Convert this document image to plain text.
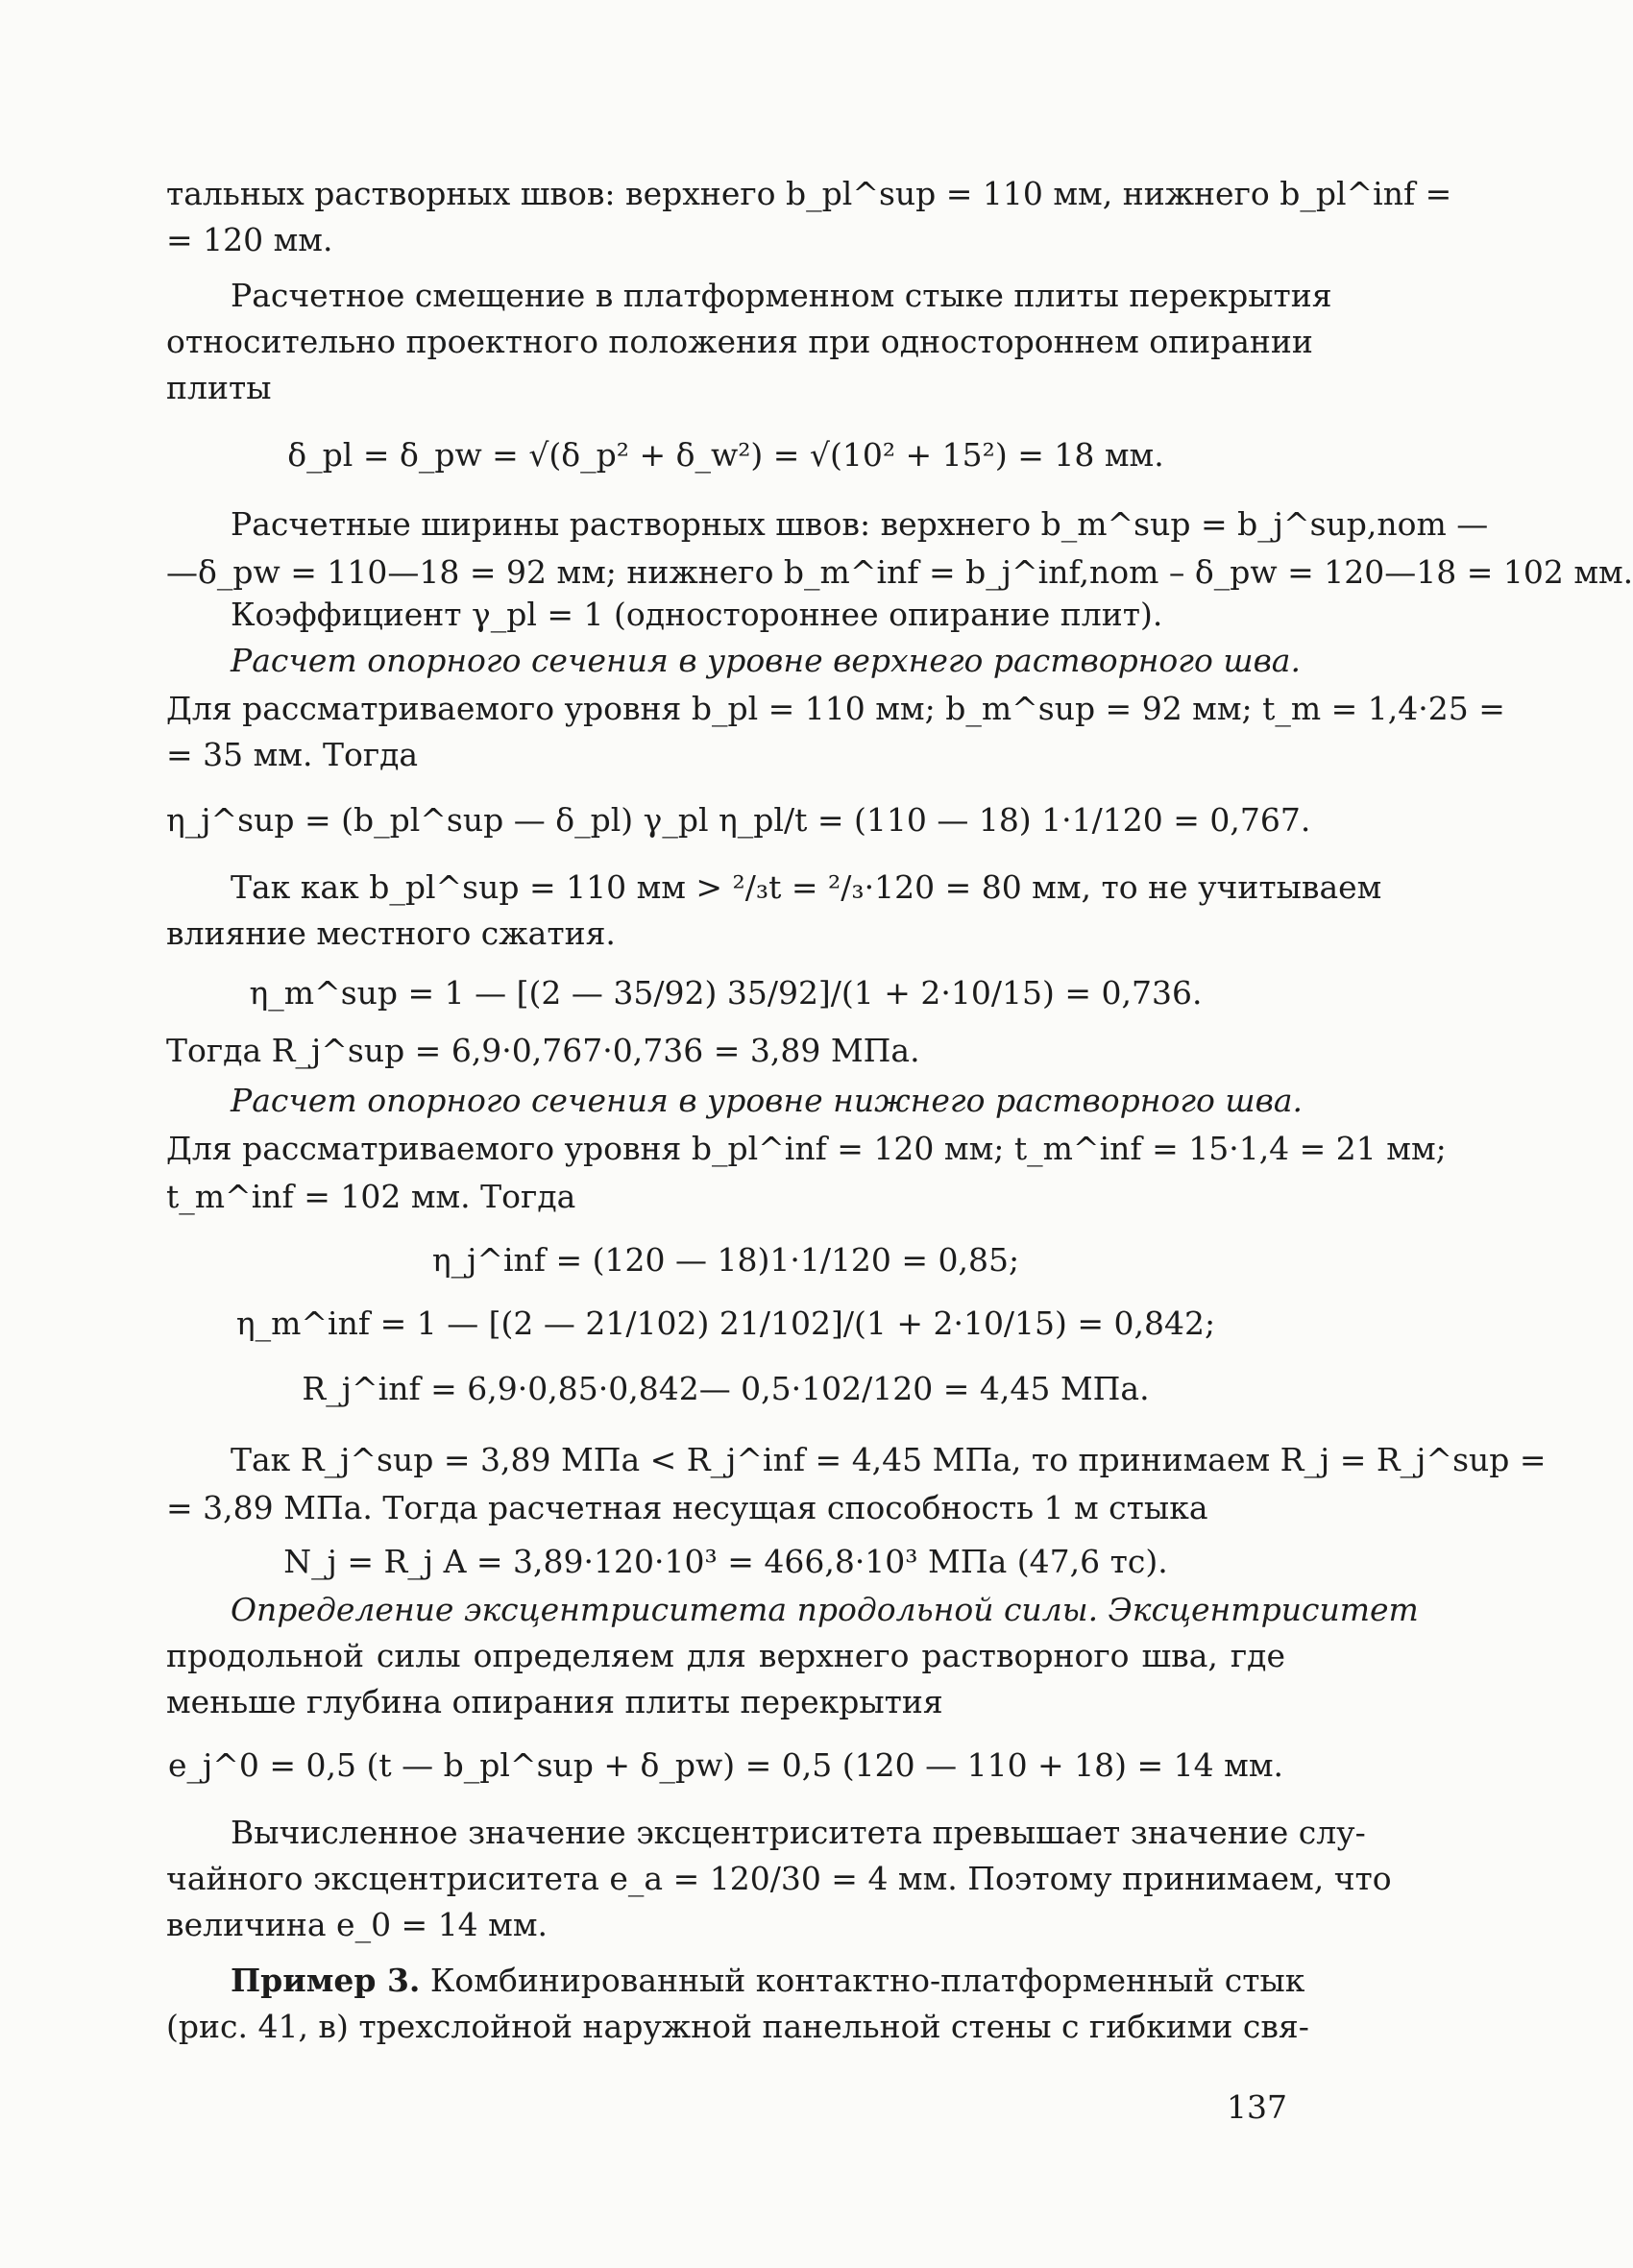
тальных растворных швов: верхнего b_pl^sup = 110 мм, нижнего b_pl^inf =
= 120 мм.
Расчетное смещение в платформенном стыке плиты перекрытия
относительно проектного положения при одностороннем опирании
плиты
δ_pl = δ_pw = √(δ_p² + δ_w²) = √(10² + 15²) = 18 мм.
Расчетные ширины растворных швов: верхнего b_m^sup = b_j^sup,nom —
—δ_pw = 110—18 = 92 мм; нижнего b_m^inf = b_j^inf,nom – δ_pw = 120—18 = 102 мм.
Коэффициент γ_pl = 1 (одностороннее опирание плит).
Расчет опорного сечения в уровне верхнего растворного шва.
Для рассматриваемого уровня b_pl = 110 мм; b_m^sup = 92 мм; t_m = 1,4·25 =
= 35 мм. Тогда
η_j^sup = (b_pl^sup — δ_pl) γ_pl η_pl/t = (110 — 18) 1·1/120 = 0,767.
Так как b_pl^sup = 110 мм > ²/₃t = ²/₃·120 = 80 мм, то не учитываем
влияние местного сжатия.
η_m^sup = 1 — [(2 — 35/92) 35/92]/(1 + 2·10/15) = 0,736.
Тогда R_j^sup = 6,9·0,767·0,736 = 3,89 МПа.
Расчет опорного сечения в уровне нижнего растворного шва.
Для рассматриваемого уровня b_pl^inf = 120 мм; t_m^inf = 15·1,4 = 21 мм;
t_m^inf = 102 мм. Тогда
η_j^inf = (120 — 18)1·1/120 = 0,85;
η_m^inf = 1 — [(2 — 21/102) 21/102]/(1 + 2·10/15) = 0,842;
R_j^inf = 6,9·0,85·0,842— 0,5·102/120 = 4,45 МПа.
Так R_j^sup = 3,89 МПа < R_j^inf = 4,45 МПа, то принимаем R_j = R_j^sup =
= 3,89 МПа. Тогда расчетная несущая способность 1 м стыка
N_j = R_j A = 3,89·120·10³ = 466,8·10³ МПа (47,6 тс).
Определение эксцентриситета продольной силы. Эксцентриситет
продольной силы определяем для верхнего растворного шва, где
меньше глубина опирания плиты перекрытия
e_j^0 = 0,5 (t — b_pl^sup + δ_pw) = 0,5 (120 — 110 + 18) = 14 мм.
Вычисленное значение эксцентриситета превышает значение слу-
чайного эксцентриситета e_a = 120/30 = 4 мм. Поэтому принимаем, что
величина e_0 = 14 мм.
Пример 3. Комбинированный контактно-платформенный стык
(рис. 41, в) трехслойной наружной панельной стены с гибкими свя-
137
